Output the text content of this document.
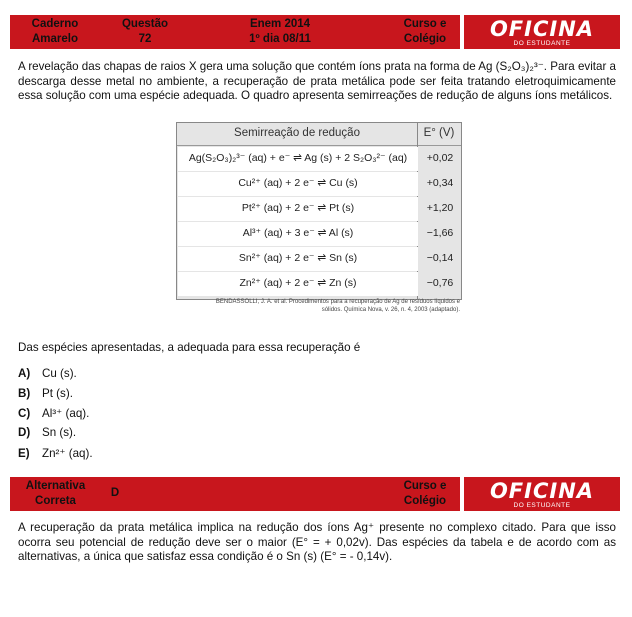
Caderno
Amarelo
Questão
72
Enem 2014
1º dia 08/11
Curso e
Colégio	OFICINA
DO ESTUDANTE
A revelação das chapas de raios X gera uma solução que contém íons prata na forma de Ag (S₂O₃)₂³⁻. Para evitar a descarga desse metal no ambiente, a recuperação de prata metálica pode ser feita tratando eletroquimicamente essa solução com uma espécie adequada. O quadro apresenta semirreações de redução de alguns íons metálicos.
Semirreação de redução	E° (V)
Ag(S₂O₃)₂³⁻ (aq) + e⁻ ⇌ Ag (s) + 2 S₂O₃²⁻ (aq)	+0,02
Cu²⁺ (aq) + 2 e⁻ ⇌ Cu (s)	+0,34
Pt²⁺ (aq) + 2 e⁻ ⇌ Pt (s)	+1,20
Al³⁺ (aq) + 3 e⁻ ⇌ Al (s)	−1,66
Sn²⁺ (aq) + 2 e⁻ ⇌ Sn (s)	−0,14
Zn²⁺ (aq) + 2 e⁻ ⇌ Zn (s)	−0,76
BENDASSOLLI, J. A. et al. Procedimentos para a recuperação de Ag de resíduos líquidos e
sólidos. Química Nova, v. 26, n. 4, 2003 (adaptado).
Das espécies apresentadas, a adequada para essa recuperação é
A) Cu (s).
B) Pt (s).
C) Al³⁺ (aq).
D) Sn (s).
E) Zn²⁺ (aq).
Alternativa
Correta
D
Curso e
Colégio	OFICINA
DO ESTUDANTE
A recuperação da prata metálica implica na redução dos íons Ag⁺ presente no complexo citado. Para que isso ocorra seu potencial de redução deve ser o maior (E° = + 0,02v). Das espécies da tabela e de acordo com as alternativas, a única que satisfaz essa condição é o Sn (s) (E° = - 0,14v).
